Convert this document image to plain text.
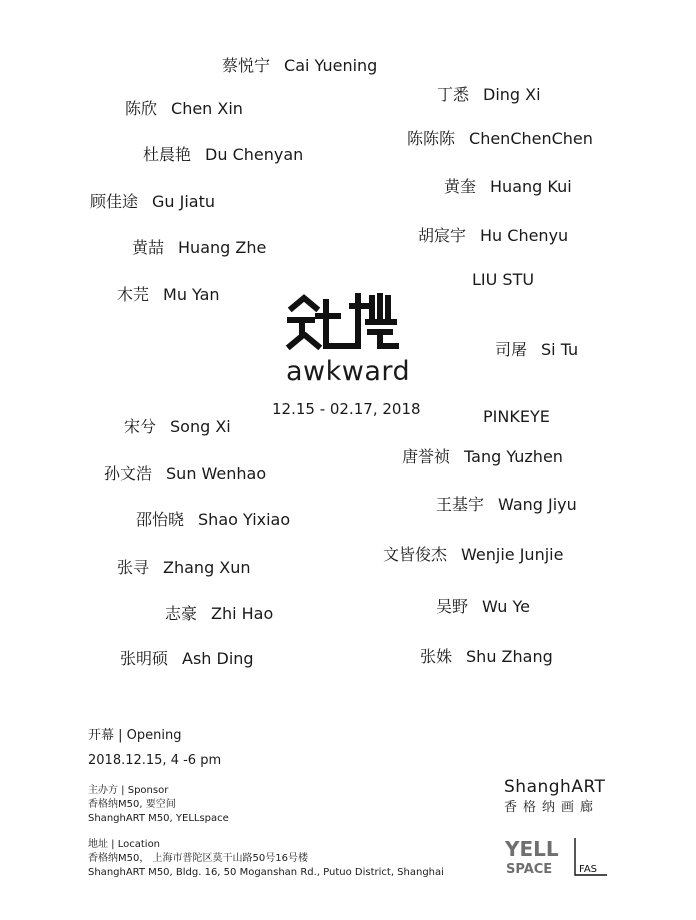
蔡悦宁 Cai Yuening
陈欣 Chen Xin
杜晨艳 Du Chenyan
顾佳途 Gu Jiatu
黄喆 Huang Zhe
木芫 Mu Yan
宋兮 Song Xi
孙文浩 Sun Wenhao
邵怡晓 Shao Yixiao
张寻 Zhang Xun
志豪 Zhi Hao
张明硕 Ash Ding
丁悉 Ding Xi
陈陈陈 ChenChenChen
黄奎 Huang Kui
胡宸宇 Hu Chenyu
LIU STU
司屠 Si Tu
PINKEYE
唐誉祯 Tang Yuzhen
王基宇 Wang Jiyu
文皆俊杰 Wenjie Junjie
吴野 Wu Ye
张姝 Shu Zhang
awkward
12.15 - 02.17, 2018
开幕 | Opening
2018.12.15, 4 -6 pm
主办方 | Sponsor
香格纳M50, 要空间
ShanghART M50, YELLspace
地址 | Location
香格纳M50， 上海市普陀区莫干山路50号16号楼
ShanghART M50, Bldg. 16, 50 Moganshan Rd., Putuo District, Shanghai
ShanghART
香格纳画廊
YELL
SPACE	FAS
